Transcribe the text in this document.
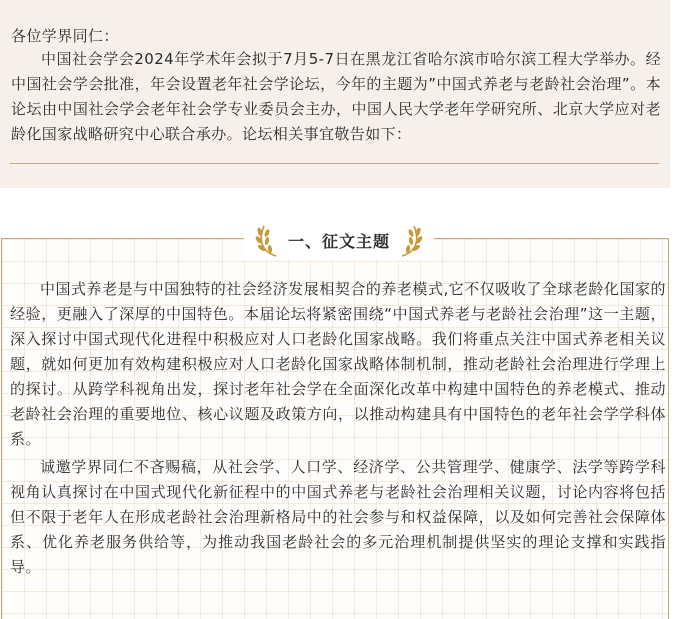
各位学界同仁：

中国社会学会2024年学术年会拟于7月5-7日在黑龙江省哈尔滨市哈尔滨工程大学举办。经中国社会学会批准，年会设置老年社会学论坛，今年的主题为”中国式养老与老龄社会治理”。本论坛由中国社会学会老年社会学专业委员会主办，中国人民大学老年学研究所、北京大学应对老龄化国家战略研究中心联合承办。论坛相关事宜敬告如下：

一、征文主题

中国式养老是与中国独特的社会经济发展相契合的养老模式,它不仅吸收了全球老龄化国家的经验，更融入了深厚的中国特色。本届论坛将紧密围绕“中国式养老与老龄社会治理”这一主题，深入探讨中国式现代化进程中积极应对人口老龄化国家战略。我们将重点关注中国式养老相关议题，就如何更加有效构建积极应对人口老龄化国家战略体制机制，推动老龄社会治理进行学理上的探讨。从跨学科视角出发，探讨老年社会学在全面深化改革中构建中国特色的养老模式、推动老龄社会治理的重要地位、核心议题及政策方向，以推动构建具有中国特色的老年社会学学科体系。

诚邀学界同仁不吝赐稿，从社会学、人口学、经济学、公共管理学、健康学、法学等跨学科视角认真探讨在中国式现代化新征程中的中国式养老与老龄社会治理相关议题，讨论内容将包括但不限于老年人在形成老龄社会治理新格局中的社会参与和权益保障，以及如何完善社会保障体系、优化养老服务供给等，为推动我国老龄社会的多元治理机制提供坚实的理论支撑和实践指导。
